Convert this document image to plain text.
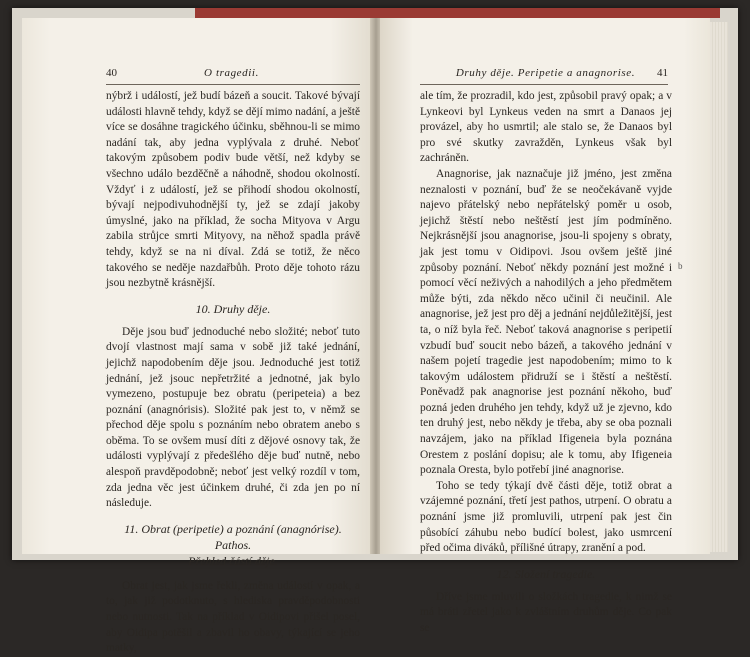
40	O tragedii.

nýbrž i událostí, jež budí bázeň a soucit. Takové bývají události hlavně tehdy, když se dějí mimo nadání, a ještě více se dosáhne tragického účinku, sběhnou-li se mimo nadání tak, aby jedna vyplývala z druhé. Neboť takovým způsobem podiv bude větší, než kdyby se všechno událo bezděčně a náhodně, shodou okolností. Vždyť i z událostí, jež se přihodí shodou okolností, bývají nejpodivuhodnější ty, jež se zdají jakoby úmyslné, jako na příklad, že socha Mityova v Argu zabila strůjce smrti Mityovy, na něhož spadla právě tehdy, když se na ni díval. Zdá se totiž, že něco takového se neděje nazdařbůh. Proto děje tohoto rázu jsou nezbytně krásnější.

10. Druhy děje.

Děje jsou buď jednoduché nebo složité; neboť tuto dvojí vlastnost mají sama v sobě již také jednání, jejichž napodobením děje jsou. Jednoduché jest totiž jednání, jež jsouc nepřetržité a jednotné, jak bylo vymezeno, postupuje bez obratu (peripeteia) a bez poznání (anagnórisis). Složité pak jest to, v němž se přechod děje spolu s poznáním nebo obratem anebo s oběma. To se ovšem musí díti z dějové osnovy tak, že události vyplývají z předešlého děje buď nutně, nebo alespoň pravděpodobně; neboť jest velký rozdíl v tom, zda jedna věc jest účinkem druhé, či zda jen po ní následuje.

11. Obrat (peripetie) a poznání (anagnórise). Pathos.
Přehled částí děje.

Obrat jest, jak jsme řekli, změna událostí v opak, a to, jak již podotknuto, s hlediska pravděpodobnosti nebo nutnosti. Tak na příklad v Oidipovi přišel posel, aby Oidipa potěšil a zbavil ho obavy, týkající se jeho matky,

Druhy děje. Peripetie a anagnorise. 41

ale tím, že prozradil, kdo jest, způsobil pravý opak; a v Lynkeovi byl Lynkeus veden na smrt a Danaos jej provázel, aby ho usmrtil; ale stalo se, že Danaos byl pro své skutky zavražděn, Lynkeus však byl zachráněn.

Anagnorise, jak naznačuje již jméno, jest změna neznalosti v poznání, buď že se neočekávaně vyjde najevo přátelský nebo nepřátelský poměr u osob, jejichž štěstí nebo neštěstí jest jím podmíněno. Nejkrásnější jsou anagnorise, jsou-li spojeny s obraty, jak jest tomu v Oidipovi. Jsou ovšem ještě jiné způsoby poznání. Neboť někdy poznání jest možné i pomocí věcí neživých a nahodilých a jeho předmětem může býti, zda někdo něco učinil či neučinil. Ale anagnorise, jež jest pro děj a jednání nejdůležitější, jest ta, o níž byla řeč. Neboť taková anagnorise s peripetií vzbudí buď soucit nebo bázeň, a takového jednání v našem pojetí tragedie jest napodobením; mimo to k takovým událostem přidruží se i štěstí a neštěstí. Poněvadž pak anagnorise jest poznání někoho, buď pozná jeden druhého jen tehdy, když už je zjevno, kdo ten druhý jest, nebo někdy je třeba, aby se oba poznali navzájem, jako na příklad Ifigeneia byla poznána Orestem z poslání dopisu; ale k tomu, aby Ifigeneia poznala Oresta, bylo potřebí jiné anagnorise.

Toho se tedy týkají dvě části děje, totiž obrat a vzájemné poznání, třetí jest pathos, utrpení. O obratu a poznání jsme již promluvili, utrpení pak jest čin působící záhubu nebo budící bolest, jako usmrcení před očima diváků, přílišné útrapy, zranění a pod.

12. Složení tragedie.

Dříve jsme mluvili o složkách tragedie, k nimž se má bráti zřetel jako k zvláštním druhům děje. Co pak se

b
